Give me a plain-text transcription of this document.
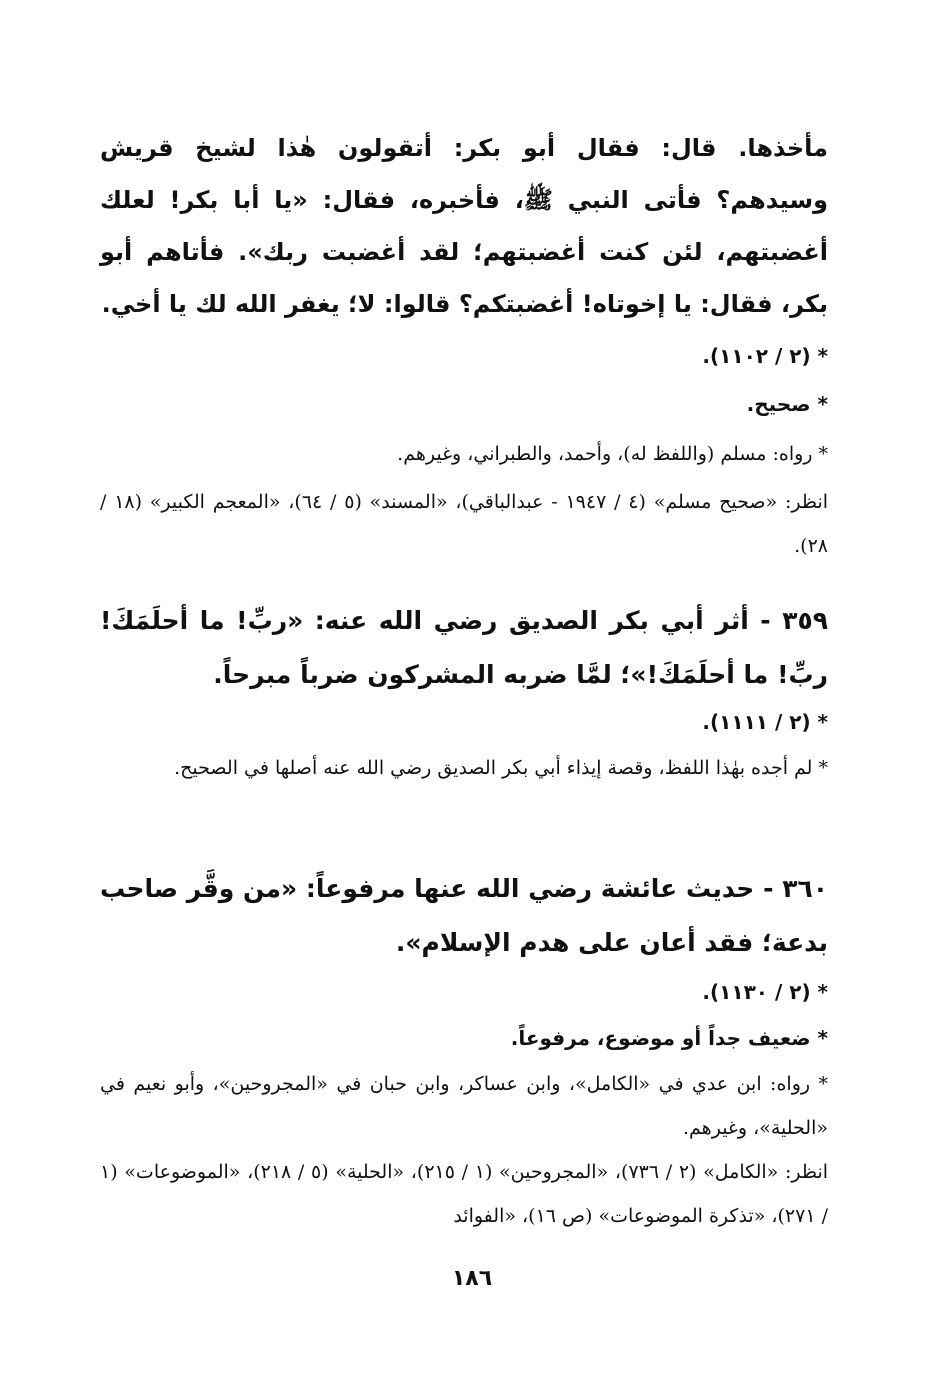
مأخذها. قال: فقال أبو بكر: أتقولون هٰذا لشيخ قريش وسيدهم؟ فأتى النبي ﷺ، فأخبره، فقال: «يا أبا بكر! لعلك أغضبتهم، لئن كنت أغضبتهم؛ لقد أغضبت ربك». فأتاهم أبو بكر، فقال: يا إخوتاه! أغضبتكم؟ قالوا: لا؛ يغفر الله لك يا أخي.

* (٢ / ١١٠٢).

* صحيح.

* رواه: مسلم (واللفظ له)، وأحمد، والطبراني، وغيرهم.

انظر: «صحيح مسلم» (٤ / ١٩٤٧ - عبدالباقي)، «المسند» (٥ / ٦٤)، «المعجم الكبير» (١٨ / ٢٨).

٣٥٩ - أثر أبي بكر الصديق رضي الله عنه: «ربِّ! ما أحلَمَكَ! ربِّ! ما أحلَمَكَ!»؛ لمَّا ضربه المشركون ضرباً مبرحاً.

* (٢ / ١١١١).

* لم أجده بهٰذا اللفظ، وقصة إيذاء أبي بكر الصديق رضي الله عنه أصلها في الصحيح.

٣٦٠ - حديث عائشة رضي الله عنها مرفوعاً: «من وقَّر صاحب بدعة؛ فقد أعان على هدم الإسلام».

* (٢ / ١١٣٠).

* ضعيف جداً أو موضوع، مرفوعاً.

* رواه: ابن عدي في «الكامل»، وابن عساكر، وابن حبان في «المجروحين»، وأبو نعيم في «الحلية»، وغيرهم.

انظر: «الكامل» (٢ / ٧٣٦)، «المجروحين» (١ / ٢١٥)، «الحلية» (٥ / ٢١٨)، «الموضوعات» (١ / ٢٧١)، «تذكرة الموضوعات» (ص ١٦)، «الفوائد

١٨٦
